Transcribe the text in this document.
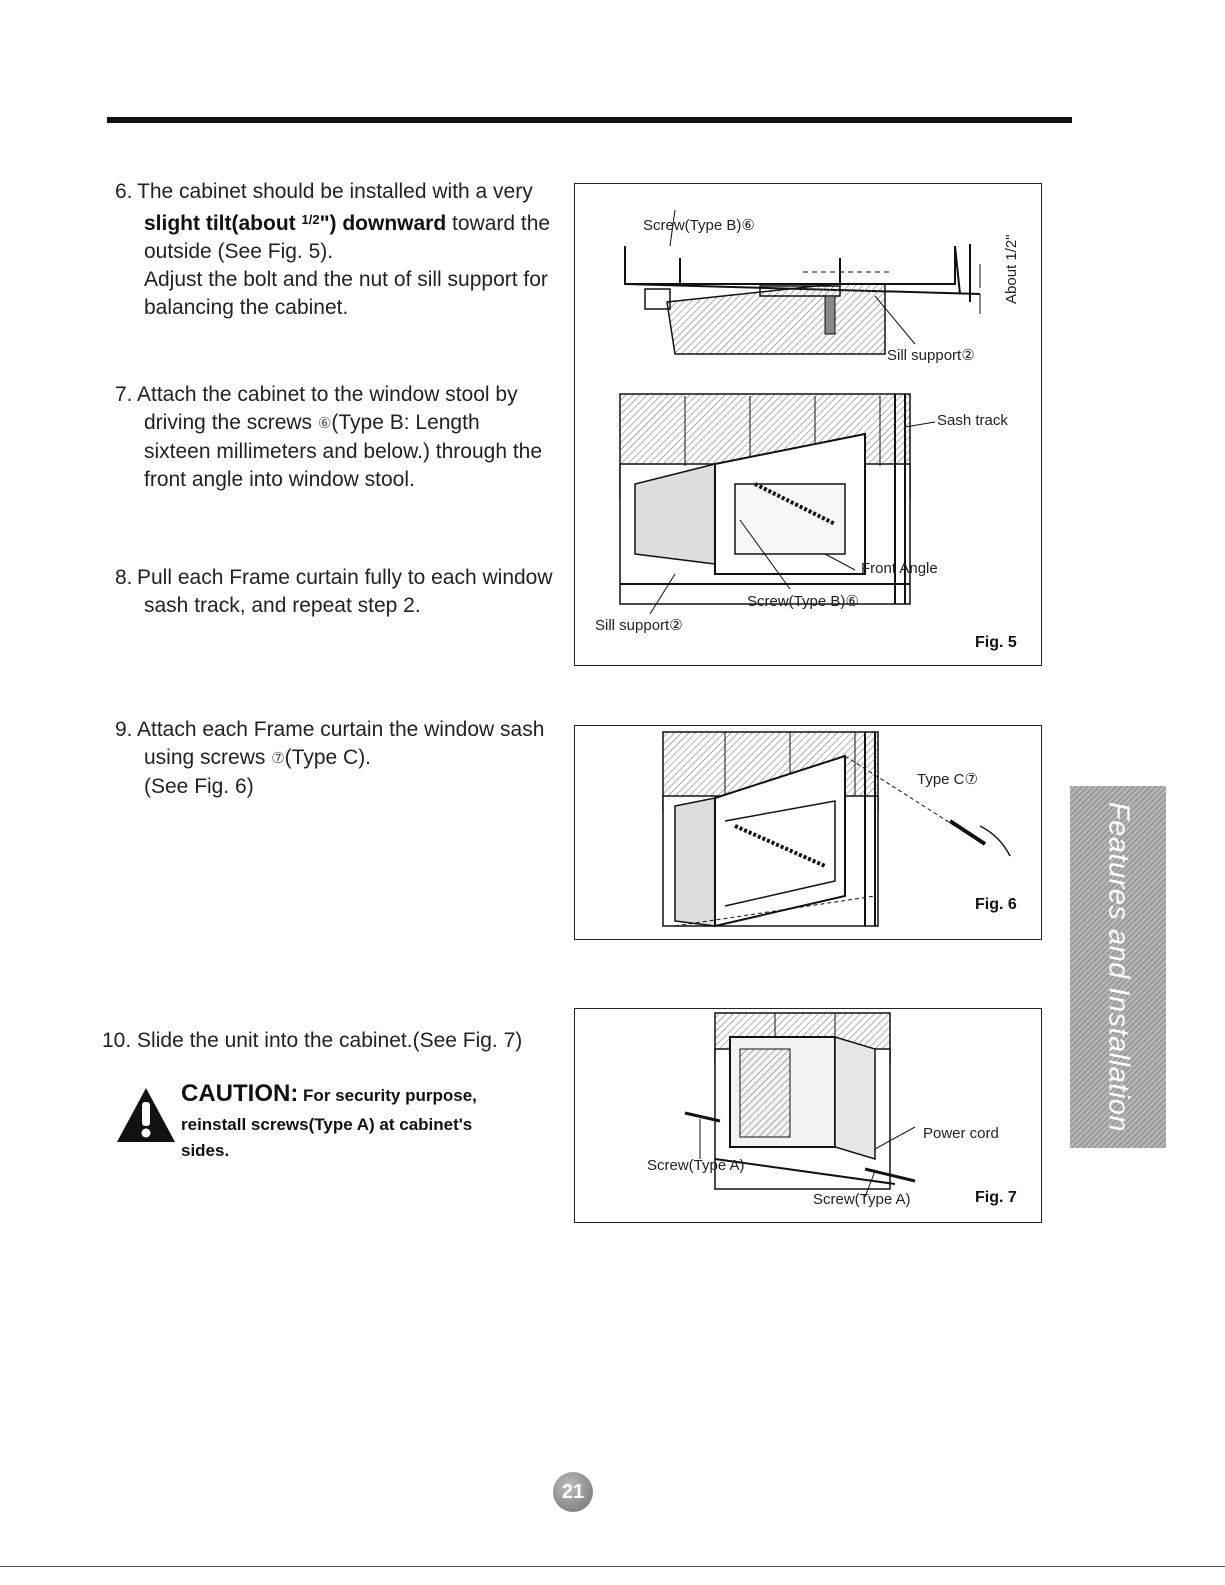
6. The cabinet should be installed with a very

slight tilt(about $^{1/2}$") downward toward the

outside (See Fig. 5).

Adjust the bolt and the nut of sill support for

balancing the cabinet.

7. Attach the cabinet to the window stool by

driving the screws ⑥(Type B: Length

sixteen millimeters and below.) through the

front angle into window stool.

8. Pull each Frame curtain fully to each window

sash track, and repeat step 2.

9. Attach each Frame curtain the window sash

using screws ⑦(Type C).

(See Fig. 6)

10. Slide the unit into the cabinet.(See Fig. 7)

CAUTION: For security purpose,
reinstall screws(Type A) at cabinet's
sides.
Screw(Type B)⑥
About 1/2"
Sill support②
Sash track
Front Angle
Screw(Type B)⑥
Sill support②
Fig. 5
Type C⑦
Fig. 6
Screw(Type A)
Power cord
Screw(Type A)	Fig. 7
Features and Installation
21
